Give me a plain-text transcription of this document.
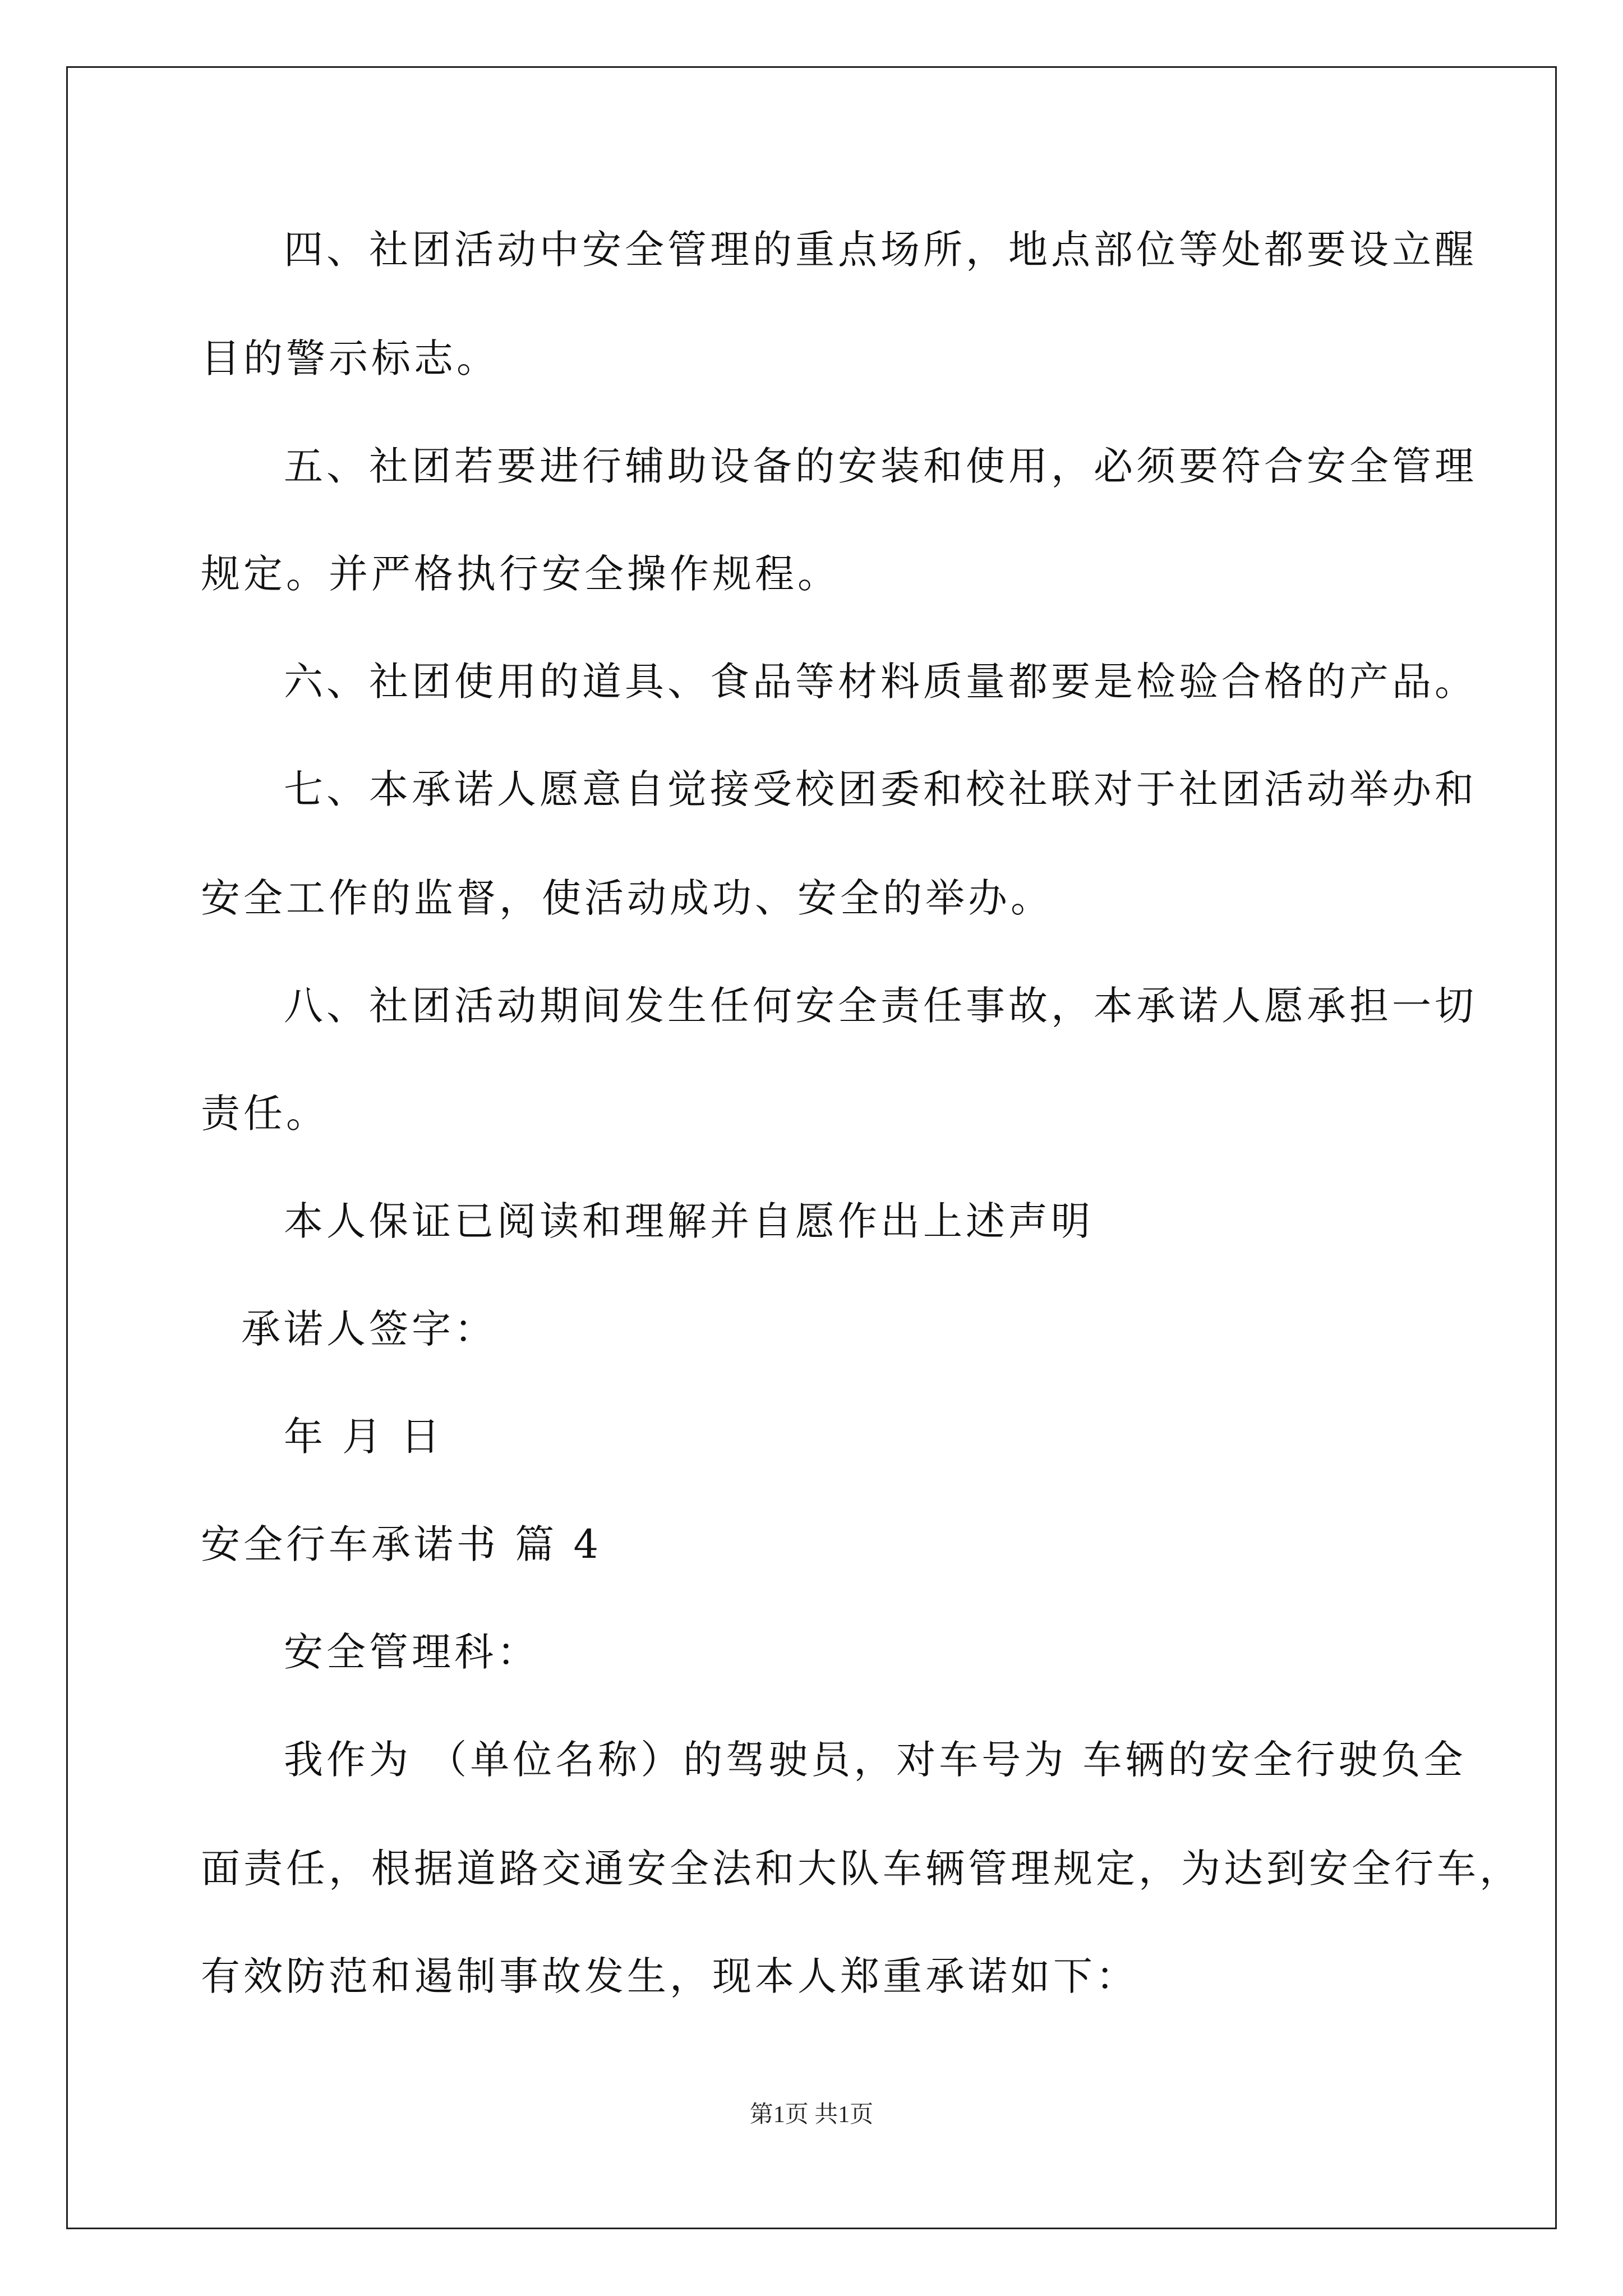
四、社团活动中安全管理的重点场所，地点部位等处都要设立醒
目的警示标志。
五、社团若要进行辅助设备的安装和使用，必须要符合安全管理
规定。并严格执行安全操作规程。
六、社团使用的道具、食品等材料质量都要是检验合格的产品。
七、本承诺人愿意自觉接受校团委和校社联对于社团活动举办和
安全工作的监督，使活动成功、安全的举办。
八、社团活动期间发生任何安全责任事故，本承诺人愿承担一切
责任。
本人保证已阅读和理解并自愿作出上述声明
承诺人签字：
年 月 日
安全行车承诺书 篇 4
安全管理科：
我作为 （单位名称）的驾驶员，对车号为 车辆的安全行驶负全
面责任，根据道路交通安全法和大队车辆管理规定，为达到安全行车，
有效防范和遏制事故发生，现本人郑重承诺如下：
第1页 共1页
